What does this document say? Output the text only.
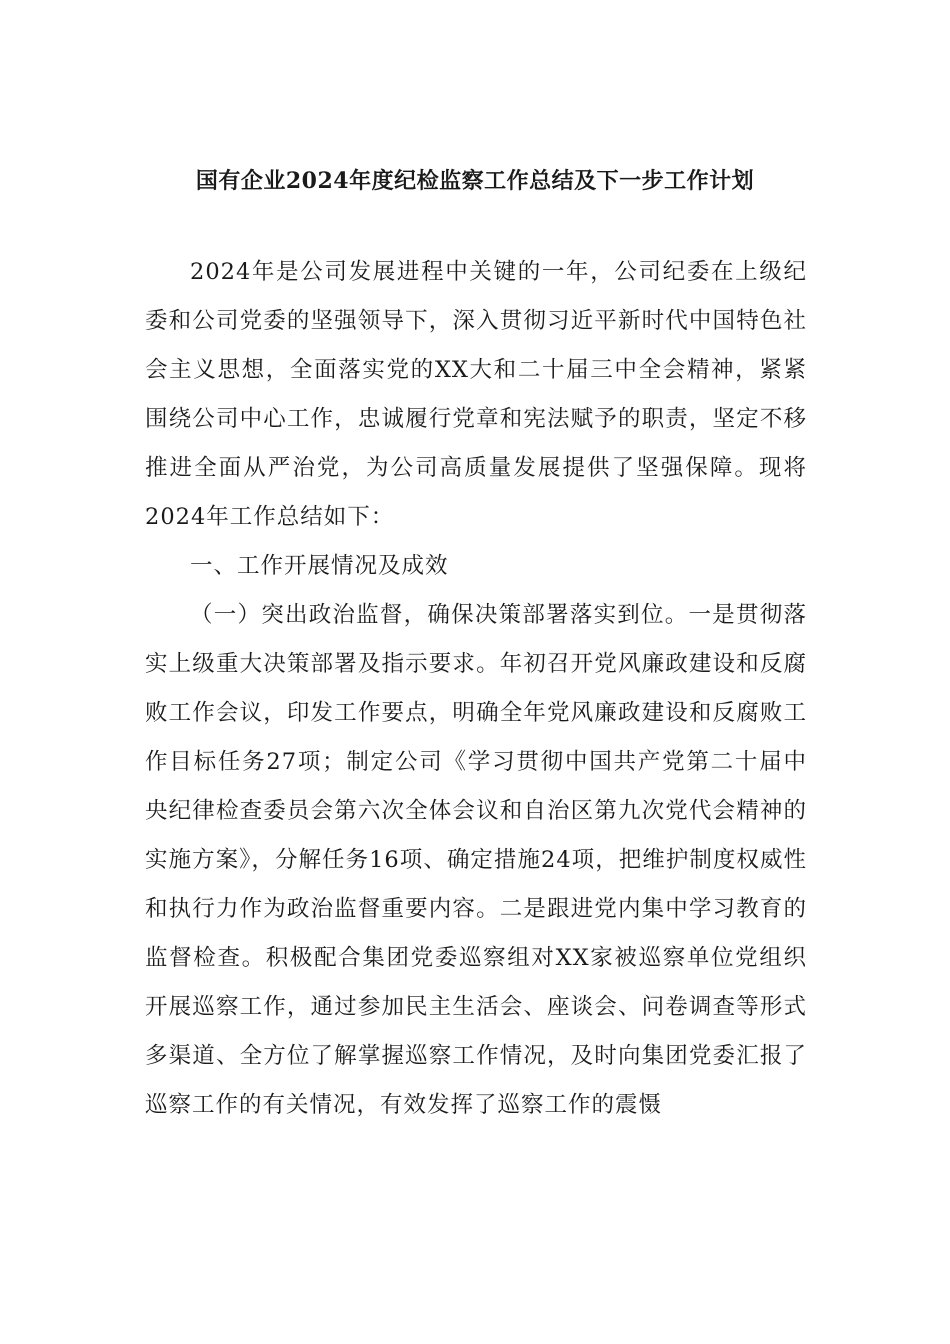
国有企业2024年度纪检监察工作总结及下一步工作计划

2024年是公司发展进程中关键的一年，公司纪委在上级纪委和公司党委的坚强领导下，深入贯彻习近平新时代中国特色社会主义思想，全面落实党的XX大和二十届三中全会精神，紧紧围绕公司中心工作，忠诚履行党章和宪法赋予的职责，坚定不移推进全面从严治党，为公司高质量发展提供了坚强保障。现将2024年工作总结如下：

一、工作开展情况及成效

（一）突出政治监督，确保决策部署落实到位。一是贯彻落实上级重大决策部署及指示要求。年初召开党风廉政建设和反腐败工作会议，印发工作要点，明确全年党风廉政建设和反腐败工作目标任务27项；制定公司《学习贯彻中国共产党第二十届中央纪律检查委员会第六次全体会议和自治区第九次党代会精神的实施方案》，分解任务16项、确定措施24项，把维护制度权威性和执行力作为政治监督重要内容。二是跟进党内集中学习教育的监督检查。积极配合集团党委巡察组对XX家被巡察单位党组织开展巡察工作，通过参加民主生活会、座谈会、问卷调查等形式多渠道、全方位了解掌握巡察工作情况，及时向集团党委汇报了巡察工作的有关情况，有效发挥了巡察工作的震慑
